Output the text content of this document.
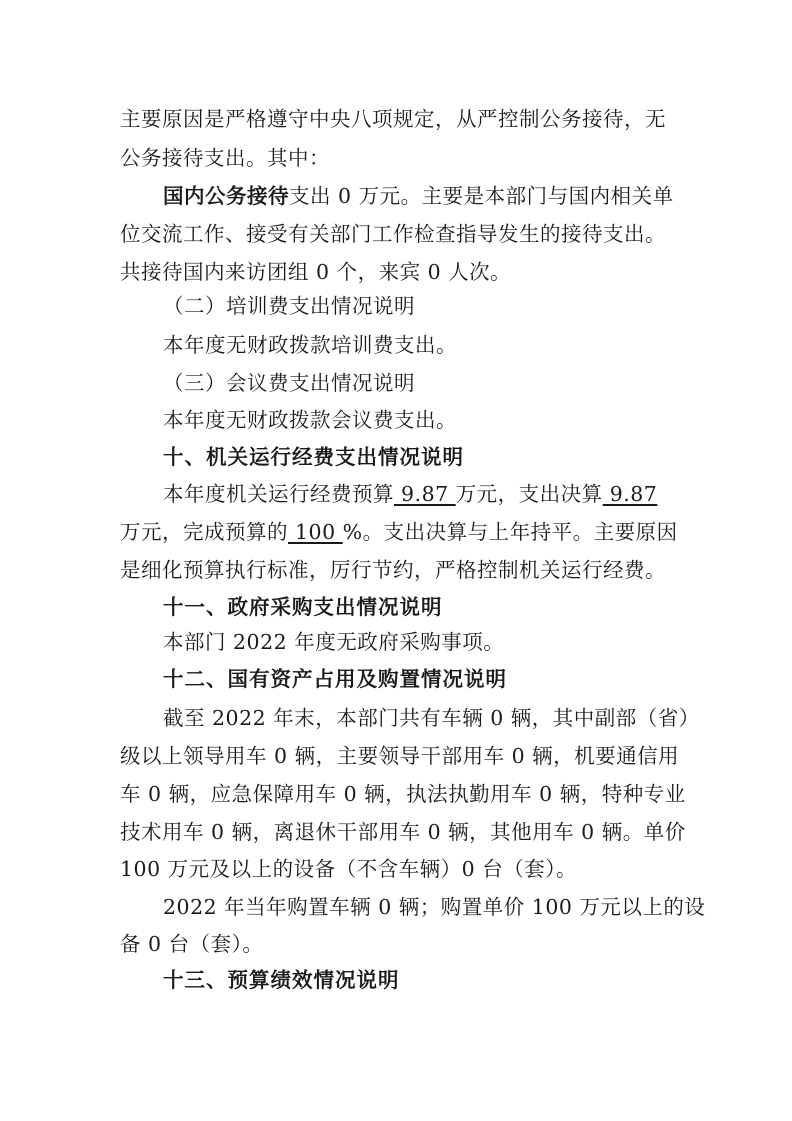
主要原因是严格遵守中央八项规定，从严控制公务接待，无
公务接待支出。其中：
国内公务接待支出 0 万元。主要是本部门与国内相关单
位交流工作、接受有关部门工作检查指导发生的接待支出。
共接待国内来访团组 0 个，来宾 0 人次。
（二）培训费支出情况说明
本年度无财政拨款培训费支出。
（三）会议费支出情况说明
本年度无财政拨款会议费支出。
十、机关运行经费支出情况说明
本年度机关运行经费预算 9.87 万元，支出决算 9.87
万元，完成预算的 100 %。支出决算与上年持平。主要原因
是细化预算执行标准，厉行节约，严格控制机关运行经费。
十一、政府采购支出情况说明
本部门 2022 年度无政府采购事项。
十二、国有资产占用及购置情况说明
截至 2022 年末，本部门共有车辆 0 辆，其中副部（省）
级以上领导用车 0 辆，主要领导干部用车 0 辆，机要通信用
车 0 辆，应急保障用车 0 辆，执法执勤用车 0 辆，特种专业
技术用车 0 辆，离退休干部用车 0 辆，其他用车 0 辆。单价
100 万元及以上的设备（不含车辆）0 台（套）。
2022 年当年购置车辆 0 辆；购置单价 100 万元以上的设
备 0 台（套）。
十三、预算绩效情况说明
